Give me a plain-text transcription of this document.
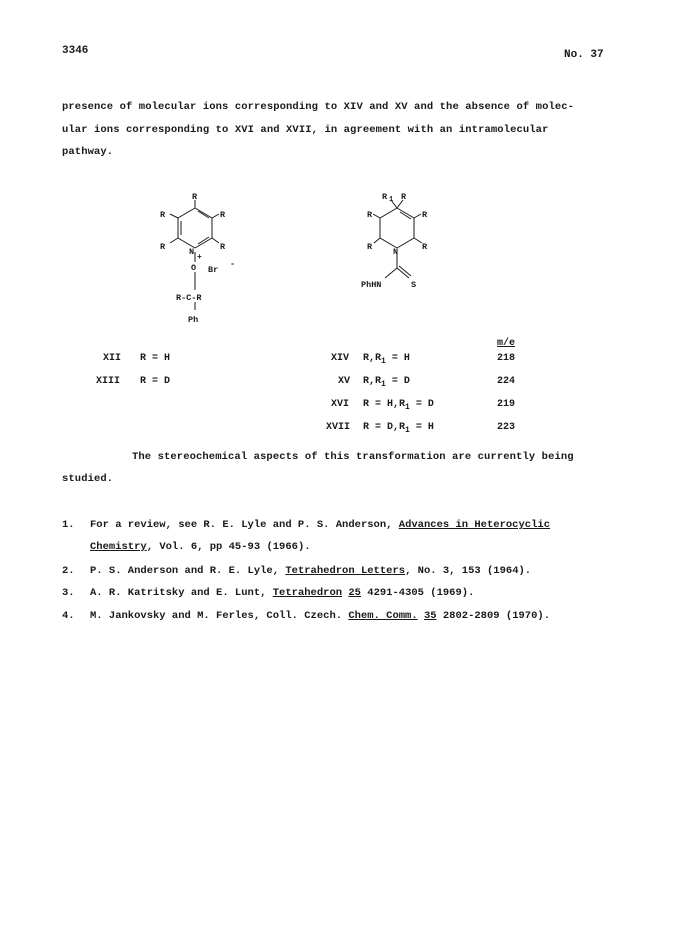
3346	No. 37
presence of molecular ions corresponding to XIV and XV and the absence of molec-
ular ions corresponding to XVI and XVII, in agreement with an intramolecular
pathway.
R
R	R
R	R
N
+
O Br
-
R-C-R
Ph
R 1 R
R	R
R N	R
PhHN	S
m/e
XII R = H
XIII R = D
XIV $R,R_1 = H$	218
XV $R,R_1 = D$	224
XVI $R = H,R_1 = D$	219
XVII $R = D,R_1 = H$	223
The stereochemical aspects of this transformation are currently being
studied.
1. For a review, see R. E. Lyle and P. S. Anderson, Advances in Heterocyclic
Chemistry, Vol. 6, pp 45-93 (1966).
2. P. S. Anderson and R. E. Lyle, Tetrahedron Letters, No. 3, 153 (1964).
3. A. R. Katritsky and E. Lunt, Tetrahedron 25 4291-4305 (1969).
4. M. Jankovsky and M. Ferles, Coll. Czech. Chem. Comm. 35 2802-2809 (1970).
